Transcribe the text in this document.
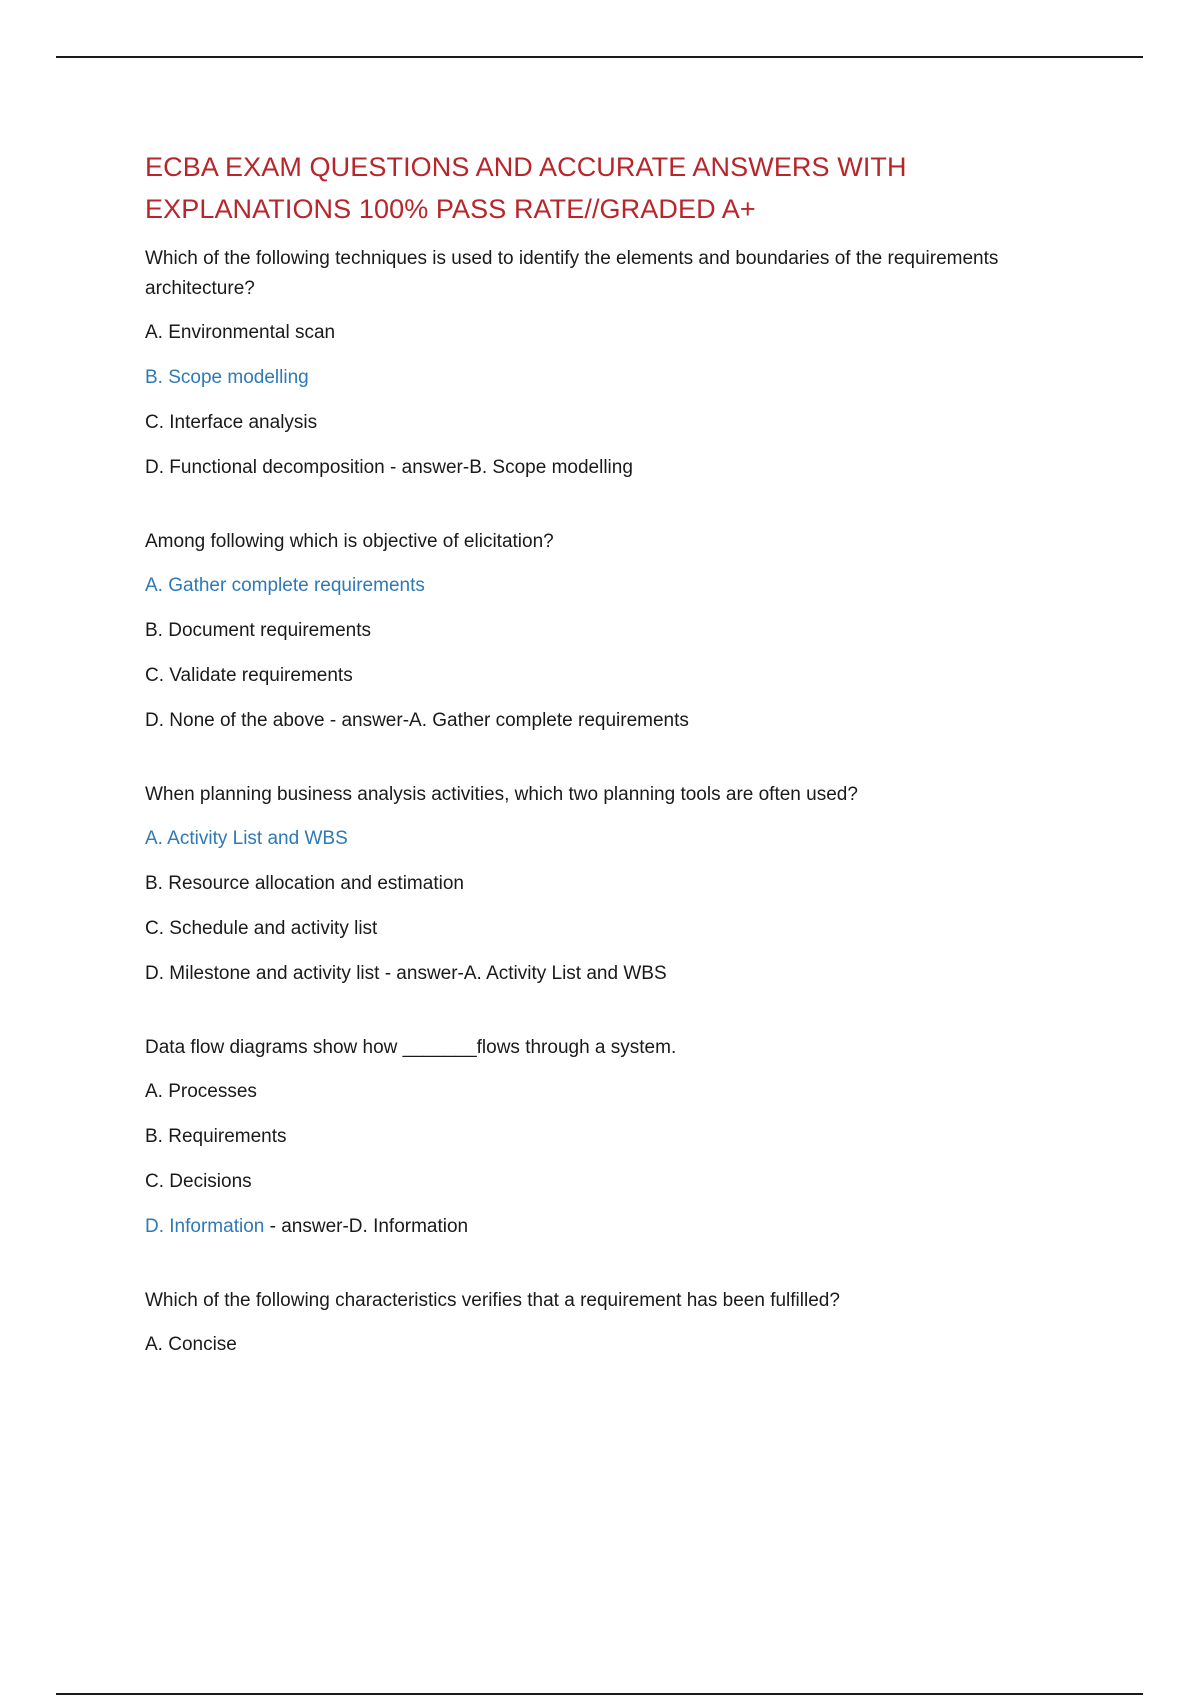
ECBA EXAM QUESTIONS AND ACCURATE ANSWERS WITH EXPLANATIONS 100% PASS RATE//GRADED A+

Which of the following techniques is used to identify the elements and boundaries of the requirements architecture?

A. Environmental scan

B. Scope modelling

C. Interface analysis

D. Functional decomposition - answer-B. Scope modelling

Among following which is objective of elicitation?

A. Gather complete requirements

B. Document requirements

C. Validate requirements

D. None of the above - answer-A. Gather complete requirements

When planning business analysis activities, which two planning tools are often used?

A. Activity List and WBS

B. Resource allocation and estimation

C. Schedule and activity list

D. Milestone and activity list - answer-A. Activity List and WBS

Data flow diagrams show how _______flows through a system.

A. Processes

B. Requirements

C. Decisions

D. Information - answer-D. Information

Which of the following characteristics verifies that a requirement has been fulfilled?

A. Concise
